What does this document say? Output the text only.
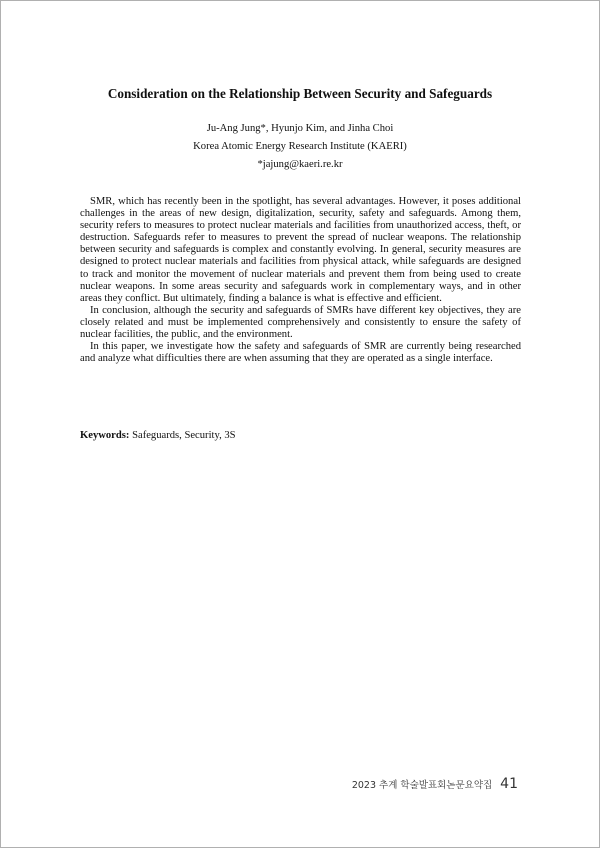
Consideration on the Relationship Between Security and Safeguards
Ju-Ang Jung*, Hyunjo Kim, and Jinha Choi
Korea Atomic Energy Research Institute (KAERI)
*jajung@kaeri.re.kr

SMR, which has recently been in the spotlight, has several advantages. However, it poses additional challenges in the areas of new design, digitalization, security, safety and safeguards. Among them, security refers to measures to protect nuclear materials and facilities from unauthorized access, theft, or destruction. Safeguards refer to measures to prevent the spread of nuclear weapons. The relationship between security and safeguards is complex and constantly evolving. In general, security measures are designed to protect nuclear materials and facilities from physical attack, while safeguards are designed to track and monitor the movement of nuclear materials and prevent them from being used to create nuclear weapons. In some areas security and safeguards work in complementary ways, and in other areas they conflict. But ultimately, finding a balance is what is effective and efficient.

In conclusion, although the security and safeguards of SMRs have different key objectives, they are closely related and must be implemented comprehensively and consistently to ensure the safety of nuclear facilities, the public, and the environment.

In this paper, we investigate how the safety and safeguards of SMR are currently being researched and analyze what difficulties there are when assuming that they are operated as a single interface.

Keywords: Safeguards, Security, 3S
2023 추계 학술발표회논문요약집 41
